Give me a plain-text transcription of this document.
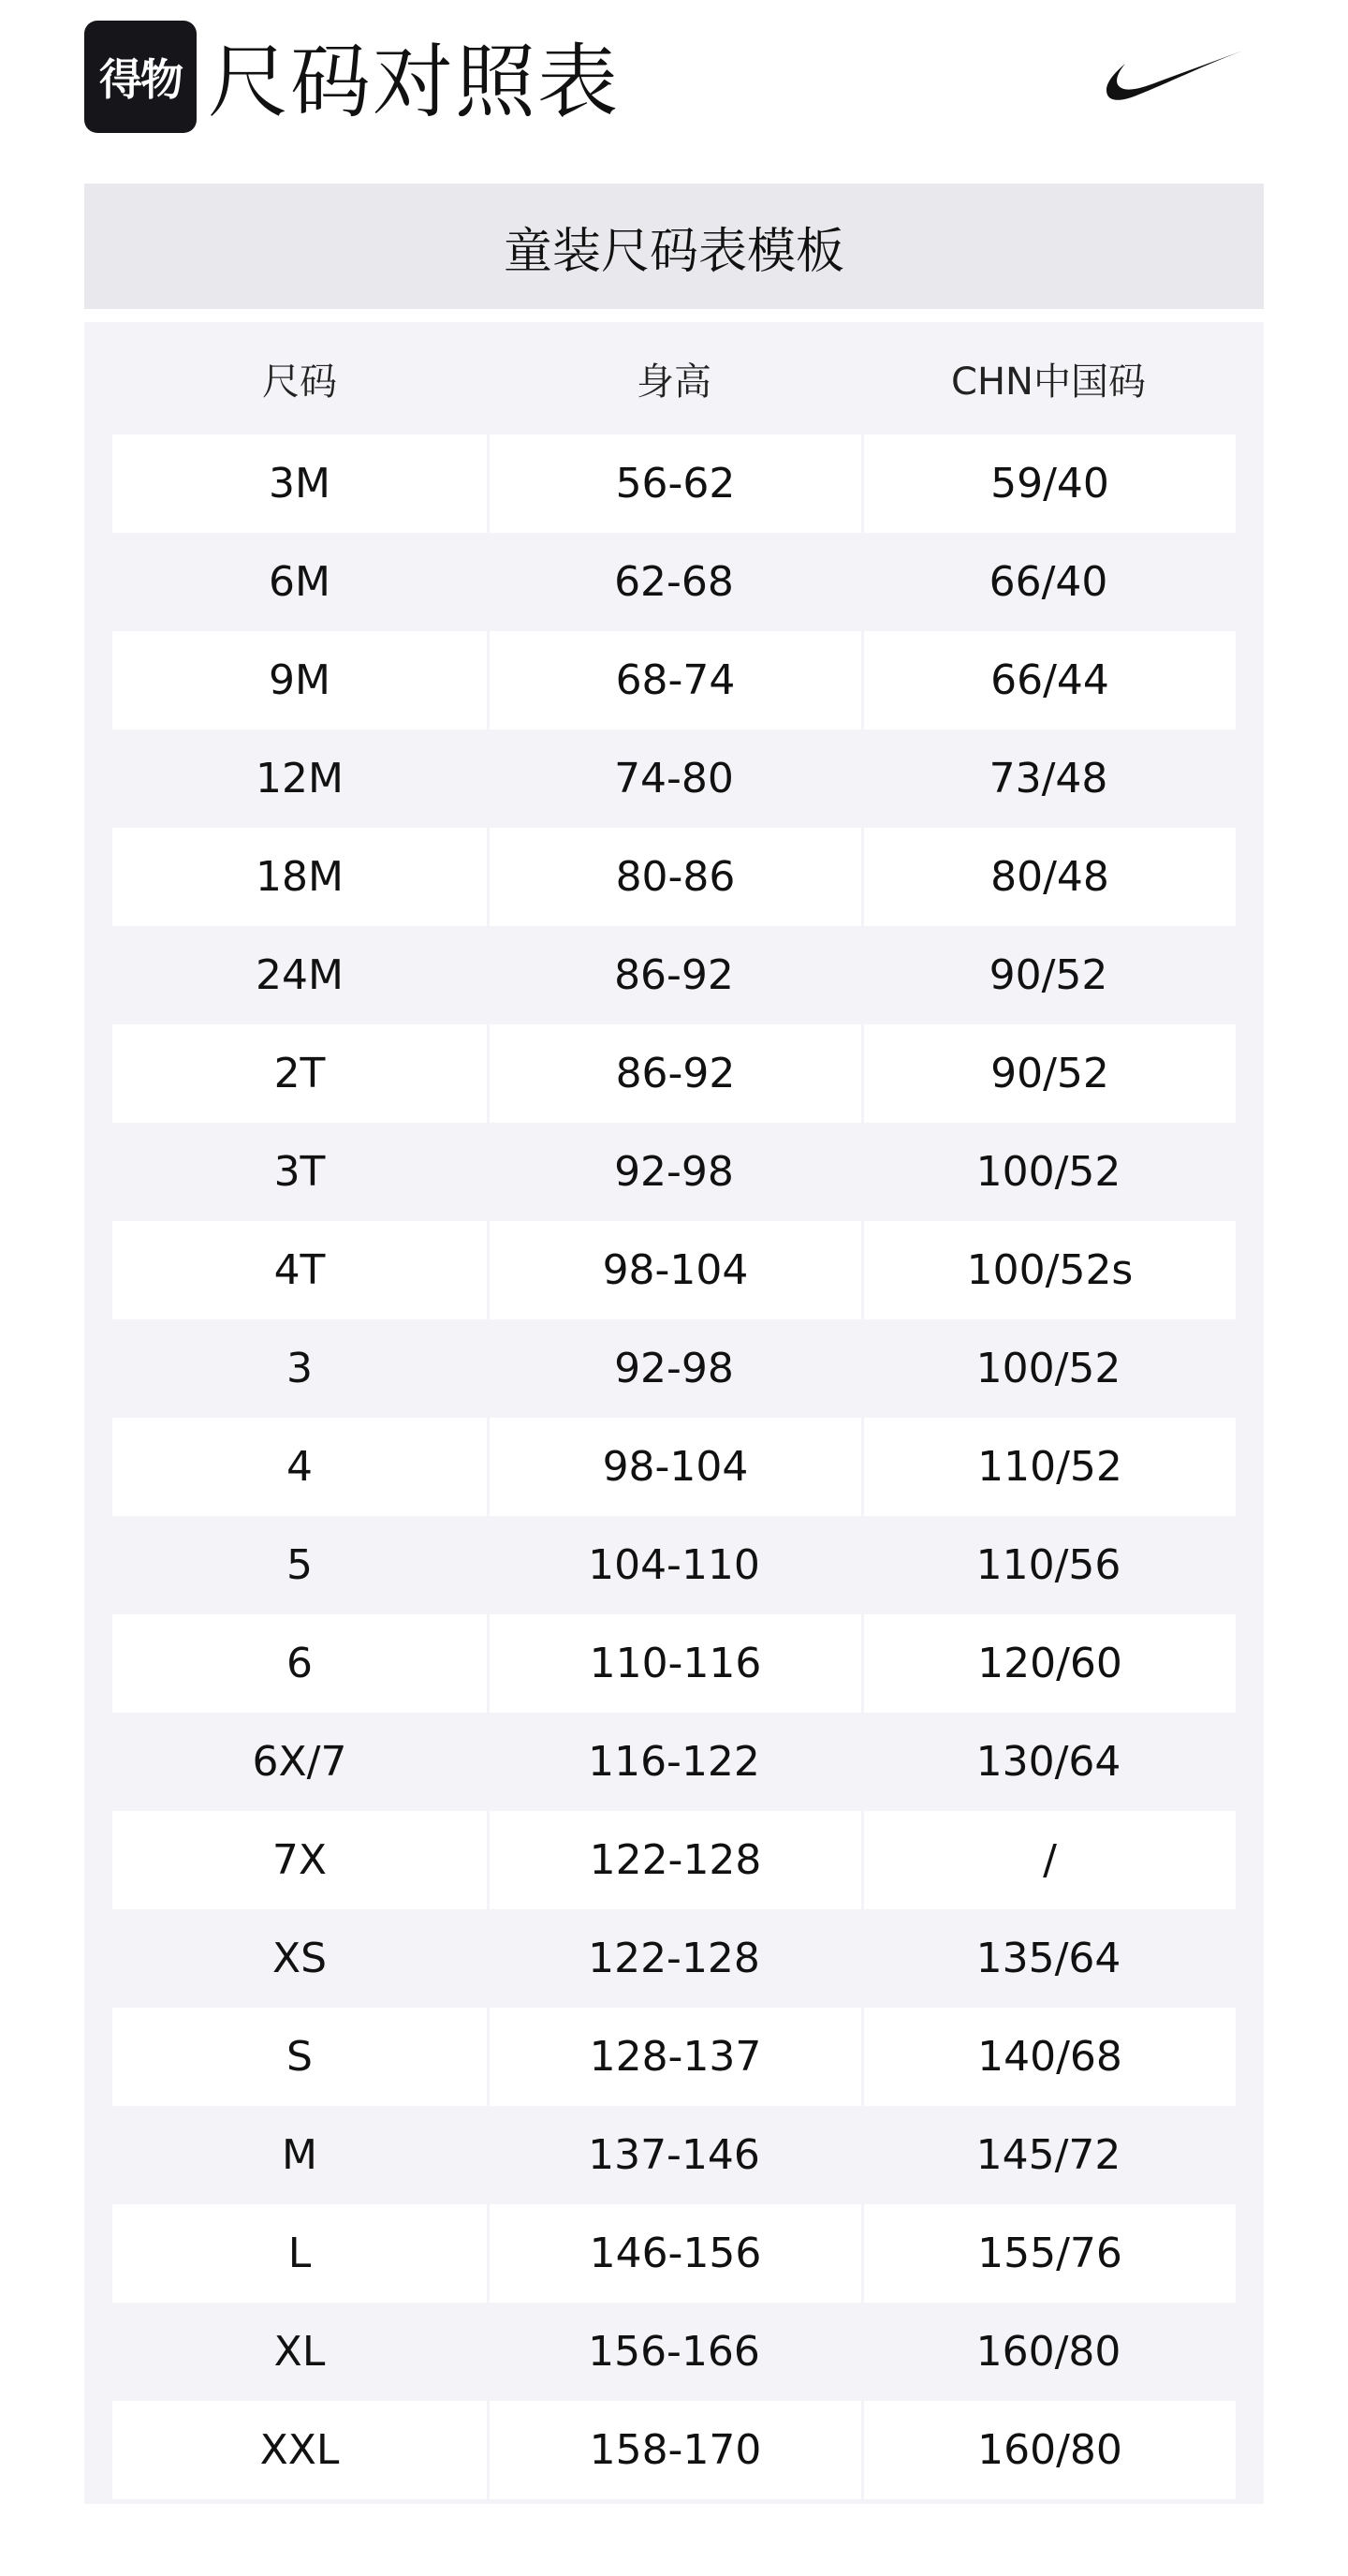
得物 尺码对照表
童装尺码表模板
尺码	身高	CHN中国码
3M	56-62	59/40
6M	62-68	66/40
9M	68-74	66/44
12M	74-80	73/48
18M	80-86	80/48
24M	86-92	90/52
2T	86-92	90/52
3T	92-98	100/52
4T	98-104	100/52s
3	92-98	100/52
4	98-104	110/52
5	104-110	110/56
6	110-116	120/60
6X/7	116-122	130/64
7X	122-128	/
XS	122-128	135/64
S	128-137	140/68
M	137-146	145/72
L	146-156	155/76
XL	156-166	160/80
XXL	158-170	160/80
